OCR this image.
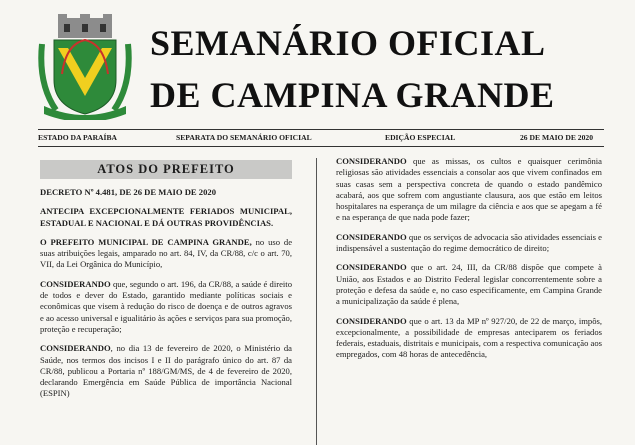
SEMANÁRIO OFICIAL
DE CAMPINA GRANDE
ESTADO DA PARAÍBA	SEPARATA DO SEMANÁRIO OFICIAL	EDIÇÃO ESPECIAL	26 DE MAIO DE 2020
ATOS DO PREFEITO

DECRETO Nº 4.481, DE 26 DE MAIO DE 2020

ANTECIPA EXCEPCIONALMENTE FERIADOS MUNICIPAL, ESTADUAL E NACIONAL E DÁ OUTRAS PROVIDÊNCIAS.

O PREFEITO MUNICIPAL DE CAMPINA GRANDE, no uso de suas atribuições legais, amparado no art. 84, IV, da CR/88, c/c o art. 70, VII, da Lei Orgânica do Município,

CONSIDERANDO que, segundo o art. 196, da CR/88, a saúde é direito de todos e dever do Estado, garantido mediante políticas sociais e econômicas que visem à redução do risco de doença e de outros agravos e ao acesso universal e igualitário às ações e serviços para sua promoção, proteção e recuperação;

CONSIDERANDO, no dia 13 de fevereiro de 2020, o Ministério da Saúde, nos termos dos incisos I e II do parágrafo único do art. 87 da CR/88, publicou a Portaria nº 188/GM/MS, de 4 de fevereiro de 2020, declarando Emergência em Saúde Pública de importância Nacional (ESPIN)

CONSIDERANDO que as missas, os cultos e quaisquer cerimônia religiosas são atividades essenciais a consolar aos que vivem confinados em suas casas sem a perspectiva concreta de quando o estado pandêmico acabará, aos que sofrem com angustiante clausura, aos que estão em leitos hospitalares na esperança de um milagre da ciência e aos que se apegam a fé e na esperança de que nada pode fazer;

CONSIDERANDO que os serviços de advocacia são atividades essenciais e indispensável a sustentação do regime democrático de direito;

CONSIDERANDO que o art. 24, III, da CR/88 dispõe que compete à União, aos Estados e ao Distrito Federal legislar concorrentemente sobre a proteção e defesa da saúde e, no caso especificamente, em Campina Grande a municipalização da saúde é plena,

CONSIDERANDO que o art. 13 da MP nº 927/20, de 22 de março, impôs, excepcionalmente, a possibilidade de empresas anteciparem os feriados federais, estaduais, distritais e municipais, com a respectiva comunicação aos empregados, com 48 horas de antecedência,
